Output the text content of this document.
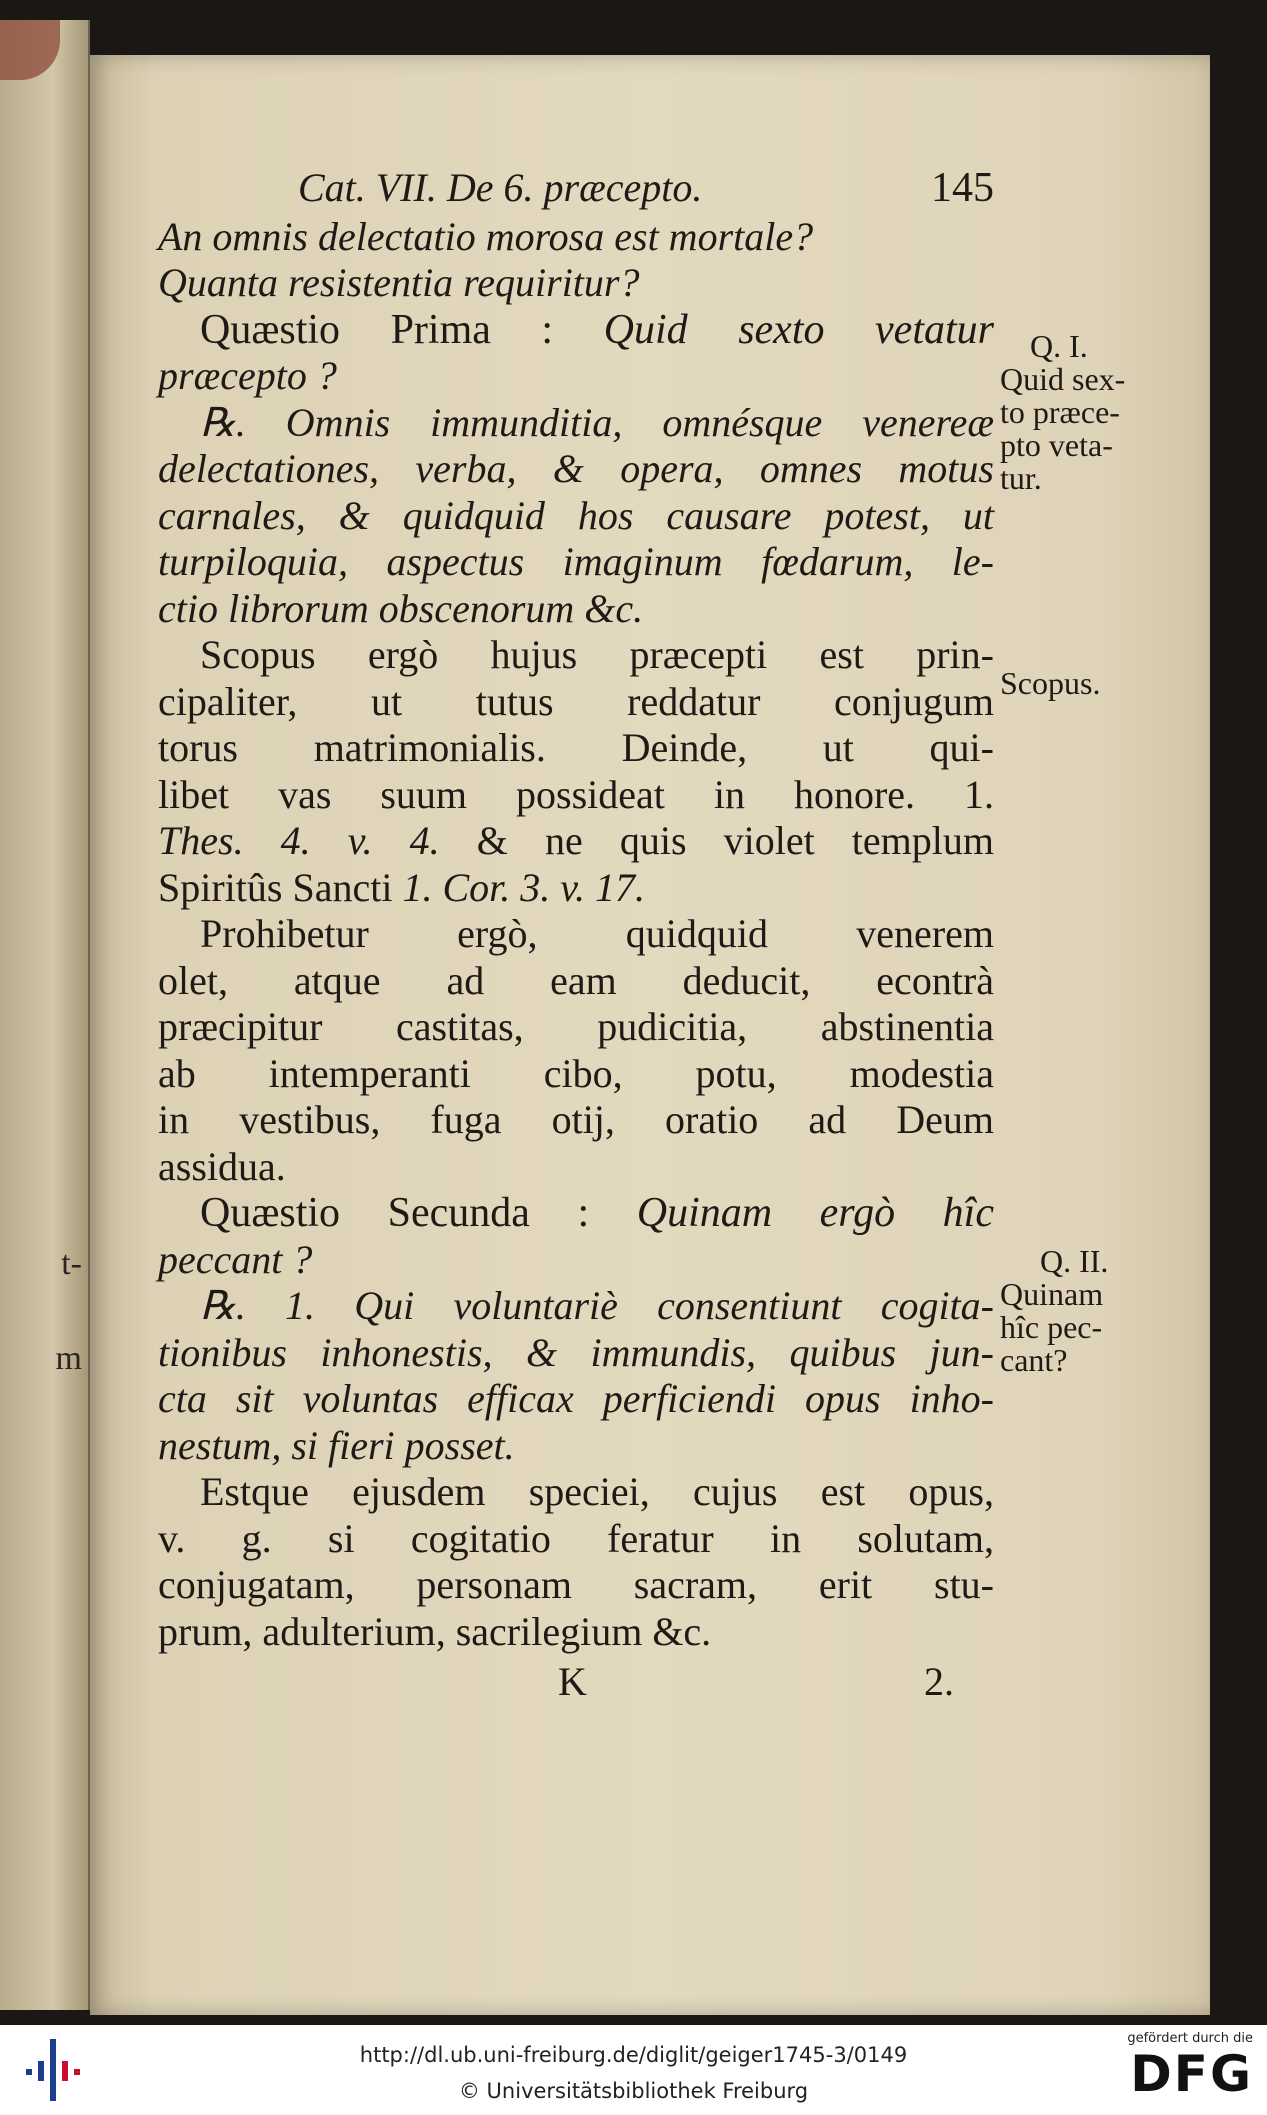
t-
m
Cat. VII. De 6. præcepto.	145
An omnis delectatio morosa est mortale?
Quanta resistentia requiritur?
Quæstio Prima : Quid sexto vetatur
præcepto ?
℞. Omnis immunditia, omnésque venereæ
delectationes, verba, & opera, omnes motus
carnales, & quidquid hos causare potest, ut
turpiloquia, aspectus imaginum fœdarum, le-
ctio librorum obscenorum &c.
Scopus ergò hujus præcepti est prin-
cipaliter, ut tutus reddatur conjugum
torus matrimonialis. Deinde, ut qui-
libet vas suum possideat in honore. 1.
Thes. 4. v. 4. & ne quis violet templum
Spiritûs Sancti 1. Cor. 3. v. 17.
Prohibetur ergò, quidquid venerem
olet, atque ad eam deducit, econtrà
præcipitur castitas, pudicitia, abstinentia
ab intemperanti cibo, potu, modestia
in vestibus, fuga otij, oratio ad Deum
assidua.
Quæstio Secunda : Quinam ergò hîc
peccant ?
℞. 1. Qui voluntariè consentiunt cogita-
tionibus inhonestis, & immundis, quibus jun-
cta sit voluntas efficax perficiendi opus inho-
nestum, si fieri posset.
Estque ejusdem speciei, cujus est opus,
v. g. si cogitatio feratur in solutam,
conjugatam, personam sacram, erit stu-
prum, adulterium, sacrilegium &c.
K	2.
Q. I.
Quid sex-
to præce-
pto veta-
tur.
Scopus.
Q. II.
Quinam
hîc pec-
cant?
http://dl.ub.uni-freiburg.de/diglit/geiger1745-3/0149
© Universitätsbibliothek Freiburg
gefördert durch die
DFG
